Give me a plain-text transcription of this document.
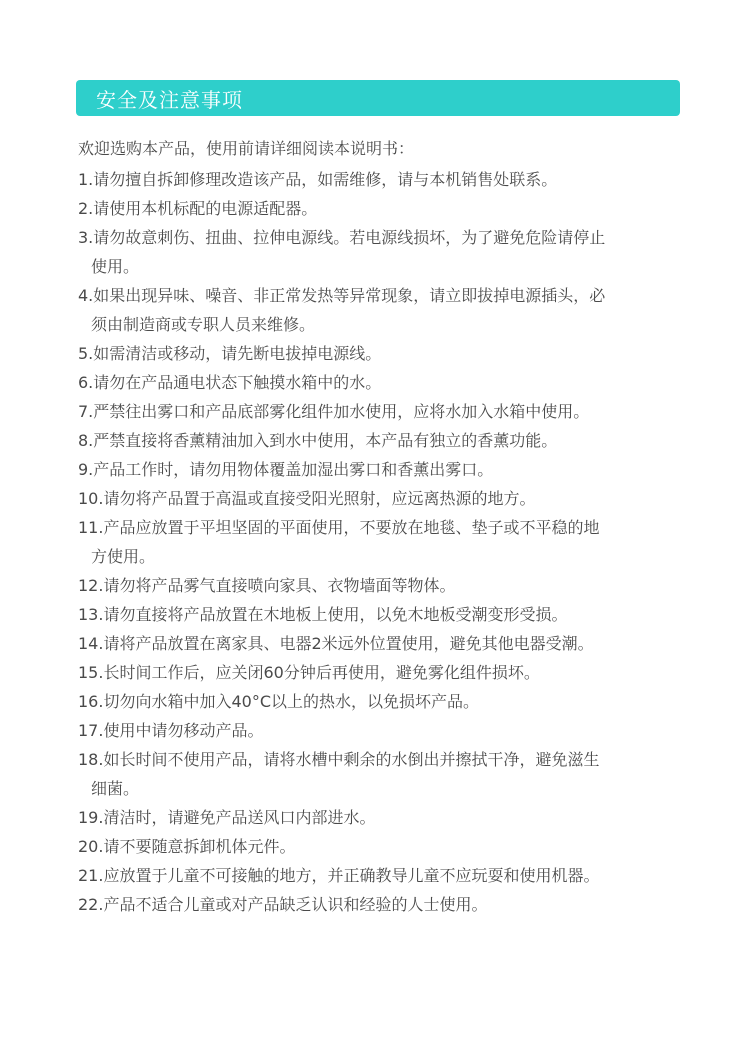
安全及注意事项
欢迎选购本产品，使用前请详细阅读本说明书：
1. 请勿擅自拆卸修理改造该产品，如需维修，请与本机销售处联系。
2. 请使用本机标配的电源适配器。
3.请勿故意刺伤、扭曲、拉伸电源线。若电源线损坏，为了避免危险请停止
使用。
4.如果出现异味、噪音、非正常发热等异常现象，请立即拔掉电源插头，必
须由制造商或专职人员来维修。
5. 如需清洁或移动，请先断电拔掉电源线。
6. 请勿在产品通电状态下触摸水箱中的水。
7. 严禁往出雾口和产品底部雾化组件加水使用，应将水加入水箱中使用。
8. 严禁直接将香薰精油加入到水中使用，本产品有独立的香薰功能。
9. 产品工作时，请勿用物体覆盖加湿出雾口和香薰出雾口。
10. 请勿将产品置于高温或直接受阳光照射，应远离热源的地方。
11.产品应放置于平坦坚固的平面使用，不要放在地毯、垫子或不平稳的地
方使用。
12. 请勿将产品雾气直接喷向家具、衣物墙面等物体。
13. 请勿直接将产品放置在木地板上使用，以免木地板受潮变形受损。
14. 请将产品放置在离家具、电器2米远外位置使用，避免其他电器受潮。
15. 长时间工作后，应关闭60分钟后再使用，避免雾化组件损坏。
16. 切勿向水箱中加入40°C以上的热水，以免损坏产品。
17. 使用中请勿移动产品。
18.如长时间不使用产品，请将水槽中剩余的水倒出并擦拭干净，避免滋生
细菌。
19. 清洁时，请避免产品送风口内部进水。
20. 请不要随意拆卸机体元件。
21. 应放置于儿童不可接触的地方，并正确教导儿童不应玩耍和使用机器。
22. 产品不适合儿童或对产品缺乏认识和经验的人士使用。
